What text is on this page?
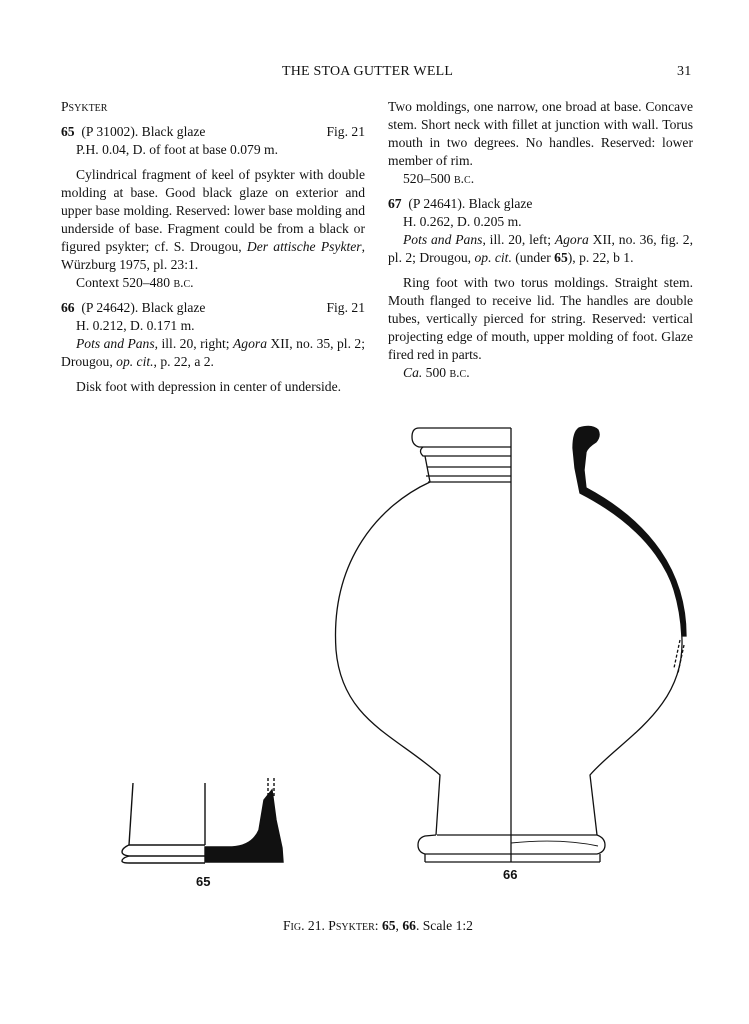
THE STOA GUTTER WELL	31

Psykter

65 (P 31002). Black glaze	Fig. 21

P.H. 0.04, D. of foot at base 0.079 m.

Cylindrical fragment of keel of psykter with double molding at base. Good black glaze on exterior and upper base molding. Reserved: lower base molding and underside of base. Fragment could be from a black or figured psykter; cf. S. Drougou, Der attische Psykter, Würzburg 1975, pl. 23:1.

Context 520–480 b.c.

66 (P 24642). Black glaze	Fig. 21

H. 0.212, D. 0.171 m.

Pots and Pans, ill. 20, right; Agora XII, no. 35, pl. 2; Drougou, op. cit., p. 22, a 2.

Disk foot with depression in center of underside.

Two moldings, one narrow, one broad at base. Concave stem. Short neck with fillet at junction with wall. Torus mouth in two degrees. No handles. Reserved: lower member of rim.

520–500 b.c.

67 (P 24641). Black glaze

H. 0.262, D. 0.205 m.

Pots and Pans, ill. 20, left; Agora XII, no. 36, fig. 2, pl. 2; Drougou, op. cit. (under 65), p. 22, b 1.

Ring foot with two torus moldings. Straight stem. Mouth flanged to receive lid. The handles are double tubes, vertically pierced for string. Reserved: vertical projecting edge of mouth, upper molding of foot. Glaze fired red in parts.

Ca. 500 b.c.

65	66
Fig. 21. Psykter: 65, 66. Scale 1:2
